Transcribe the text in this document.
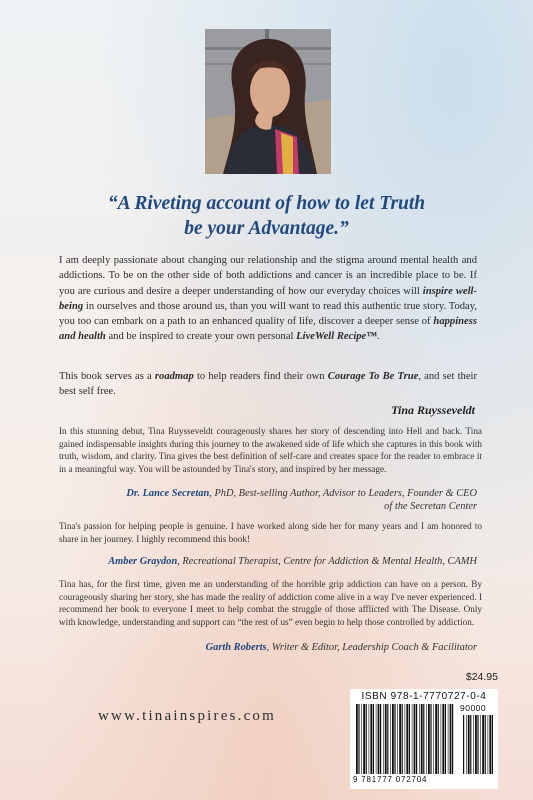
“A Riveting account of how to let Truth
be your Advantage.”

I am deeply passionate about changing our relationship and the stigma around mental health and addictions. To be on the other side of both addictions and cancer is an incredible place to be. If you are curious and desire a deeper understanding of how our everyday choices will inspire well-being in ourselves and those around us, than you will want to read this authentic true story. Today, you too can embark on a path to an enhanced quality of life, discover a deeper sense of happiness and health and be inspired to create your own personal LiveWell Recipe™.

This book serves as a roadmap to help readers find their own Courage To Be True, and set their best self free.

Tina Ruysseveldt

In this stunning debut, Tina Ruysseveldt courageously shares her story of descending into Hell and back. Tina gained indispensable insights during this journey to the awakened side of life which she captures in this book with truth, wisdom, and clarity. Tina gives the best definition of self-care and creates space for the reader to embrace it in a meaningful way. You will be astounded by Tina's story, and inspired by her message.

Dr. Lance Secretan, PhD, Best-selling Author, Advisor to Leaders, Founder & CEO
of the Secretan Center

Tina's passion for helping people is genuine. I have worked along side her for many years and I am honored to share in her journey. I highly recommend this book!

Amber Graydon, Recreational Therapist, Centre for Addiction & Mental Health, CAMH

Tina has, for the first time, given me an understanding of the horrible grip addiction can have on a person. By courageously sharing her story, she has made the reality of addiction come alive in a way I've never experienced. I recommend her book to everyone I meet to help combat the struggle of those afflicted with The Disease. Only with knowledge, understanding and support can “the rest of us” even begin to help those controlled by addiction.

Garth Roberts, Writer & Editor, Leadership Coach & Facilitator
$24.95
www.tinainspires.com
ISBN 978-1-7770727-0-4
90000
9 781777 072704
